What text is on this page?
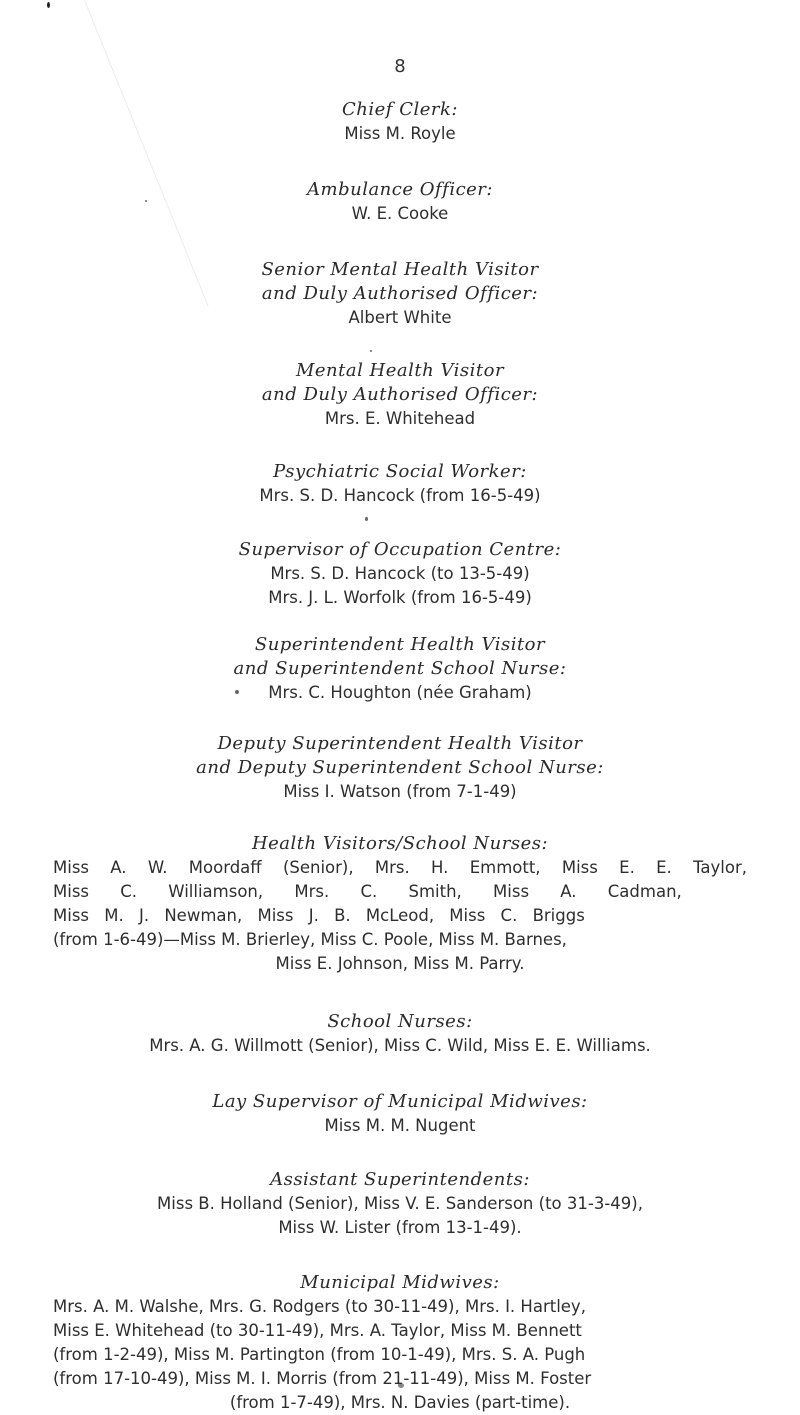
8
Chief Clerk:
Miss M. Royle
Ambulance Officer:
W. E. Cooke
Senior Mental Health Visitor
and Duly Authorised Officer:
Albert White
Mental Health Visitor
and Duly Authorised Officer:
Mrs. E. Whitehead
Psychiatric Social Worker:
Mrs. S. D. Hancock (from 16-5-49)
Supervisor of Occupation Centre:
Mrs. S. D. Hancock (to 13-5-49)
Mrs. J. L. Worfolk (from 16-5-49)
Superintendent Health Visitor
and Superintendent School Nurse:
Mrs. C. Houghton (née Graham)
Deputy Superintendent Health Visitor
and Deputy Superintendent School Nurse:
Miss I. Watson (from 7-1-49)
Health Visitors/School Nurses:
Miss A. W. Moordaff (Senior), Mrs. H. Emmott, Miss E. E. Taylor,
Miss C. Williamson, Mrs. C. Smith, Miss A. Cadman,
Miss M. J. Newman, Miss J. B. McLeod, Miss C. Briggs
(from 1-6-49)—Miss M. Brierley, Miss C. Poole, Miss M. Barnes,
Miss E. Johnson, Miss M. Parry.
School Nurses:
Mrs. A. G. Willmott (Senior), Miss C. Wild, Miss E. E. Williams.
Lay Supervisor of Municipal Midwives:
Miss M. M. Nugent
Assistant Superintendents:
Miss B. Holland (Senior), Miss V. E. Sanderson (to 31-3-49),
Miss W. Lister (from 13-1-49).
Municipal Midwives:
Mrs. A. M. Walshe, Mrs. G. Rodgers (to 30-11-49), Mrs. I. Hartley,
Miss E. Whitehead (to 30-11-49), Mrs. A. Taylor, Miss M. Bennett
(from 1-2-49), Miss M. Partington (from 10-1-49), Mrs. S. A. Pugh
(from 17-10-49), Miss M. I. Morris (from 21-11-49), Miss M. Foster
(from 1-7-49), Mrs. N. Davies (part-time).
